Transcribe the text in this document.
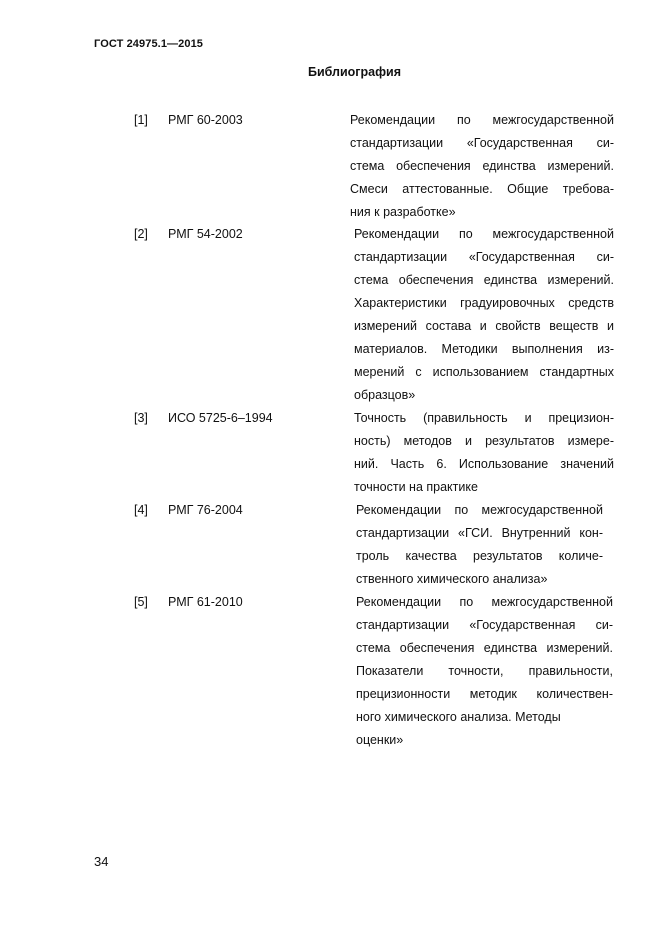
ГОСТ 24975.1—2015
Библиография
[1] РМГ 60-2003	Рекомендации по межгосударственной
стандартизации «Государственная си-
стема обеспечения единства измерений.
Смеси аттестованные. Общие требова-
ния к разработке»
[2] РМГ 54-2002	Рекомендации по межгосударственной
стандартизации «Государственная си-
стема обеспечения единства измерений.
Характеристики градуировочных средств
измерений состава и свойств веществ и
материалов. Методики выполнения из-
мерений с использованием стандартных
образцов»
[3] ИСО 5725-6–1994	Точность (правильность и прецизион-
ность) методов и результатов измере-
ний. Часть 6. Использование значений
точности на практике
[4] РМГ 76-2004	Рекомендации по межгосударственной
стандартизации «ГСИ. Внутренний кон-
троль качества результатов количе-
ственного химического анализа»
[5] РМГ 61-2010	Рекомендации по межгосударственной
стандартизации «Государственная си-
стема обеспечения единства измерений.
Показатели точности, правильности,
прецизионности методик количествен-
ного химического анализа. Методы
оценки»
34
